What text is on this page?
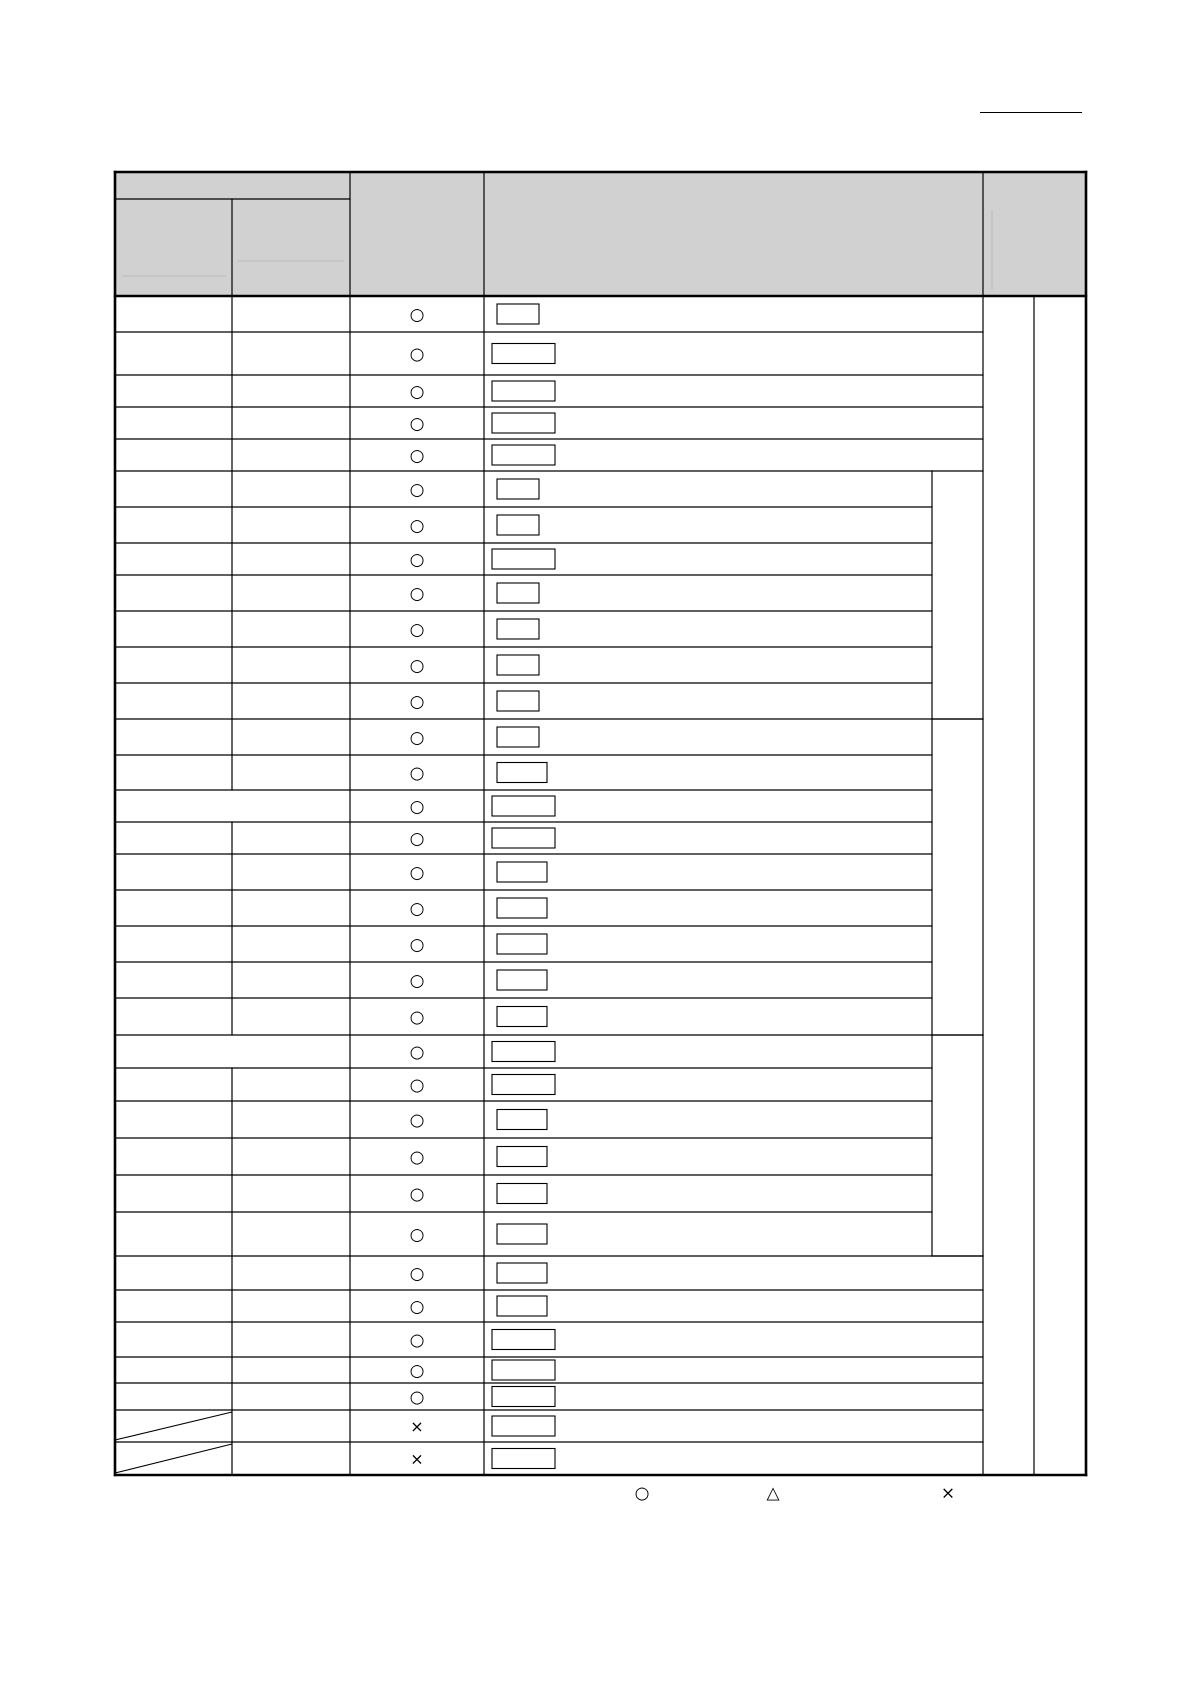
○
○
○
○
○
○
○
○
○
○
○
○
○
○
○
○
○
○
○
○
○
○
○
○
○
○
○
○
○
○
○
○
×
×
○	△	×
